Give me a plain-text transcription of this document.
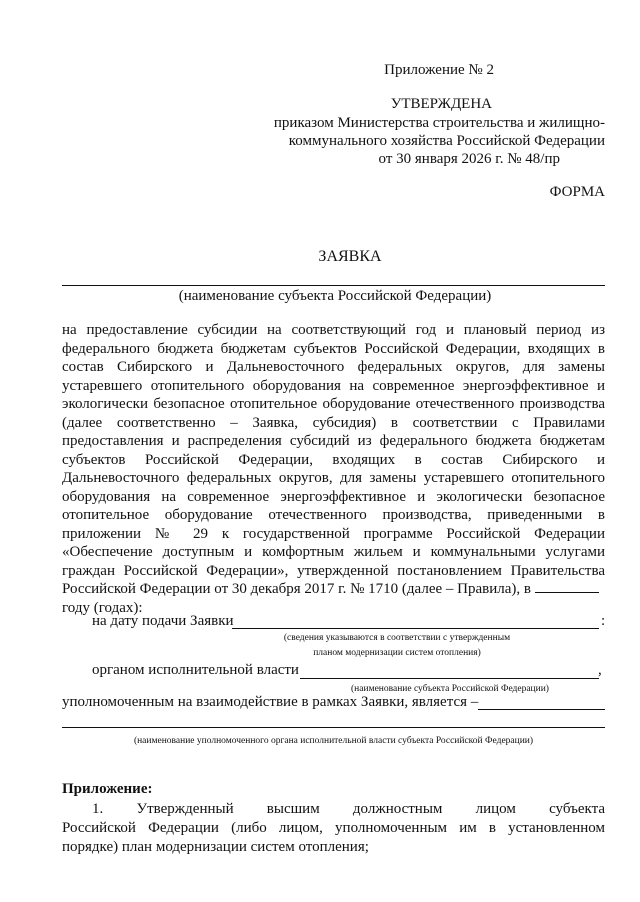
Приложение № 2
УТВЕРЖДЕНА
приказом Министерства строительства и жилищно-
коммунального хозяйства Российской Федерации
от 30 января 2026 г. № 48/пр
ФОРМА
ЗАЯВКА
(наименование субъекта Российской Федерации)

на предоставление субсидии на соответствующий год и плановый период из федерального бюджета бюджетам субъектов Российской Федерации, входящих в состав Сибирского и Дальневосточного федеральных округов, для замены устаревшего отопительного оборудования на современное энергоэффективное и экологически безопасное отопительное оборудование отечественного производства (далее соответственно – Заявка, субсидия) в соответствии с Правилами предоставления и распределения субсидий из федерального бюджета бюджетам субъектов Российской Федерации, входящих в состав Сибирского и Дальневосточного федеральных округов, для замены устаревшего отопительного оборудования на современное энергоэффективное и экологически безопасное отопительное оборудование отечественного производства, приведенными в приложении № 29 к государственной программе Российской Федерации «Обеспечение доступным и комфортным жильем и коммунальными услугами граждан Российской Федерации», утвержденной постановлением Правительства Российской Федерации от 30 декабря 2017 г. № 1710 (далее – Правила), в

году (годах):

на дату подачи Заявки	:
(сведения указываются в соответствии с утвержденным
планом модернизации систем отопления)
органом исполнительной власти	,
(наименование субъекта Российской Федерации)
уполномоченным на взаимодействие в рамках Заявки, является –
(наименование уполномоченного органа исполнительной власти субъекта Российской Федерации)
Приложение:

1. Утвержденный высшим должностным лицом субъекта

Российской Федерации (либо лицом, уполномоченным им в установленном порядке) план модернизации систем отопления;
